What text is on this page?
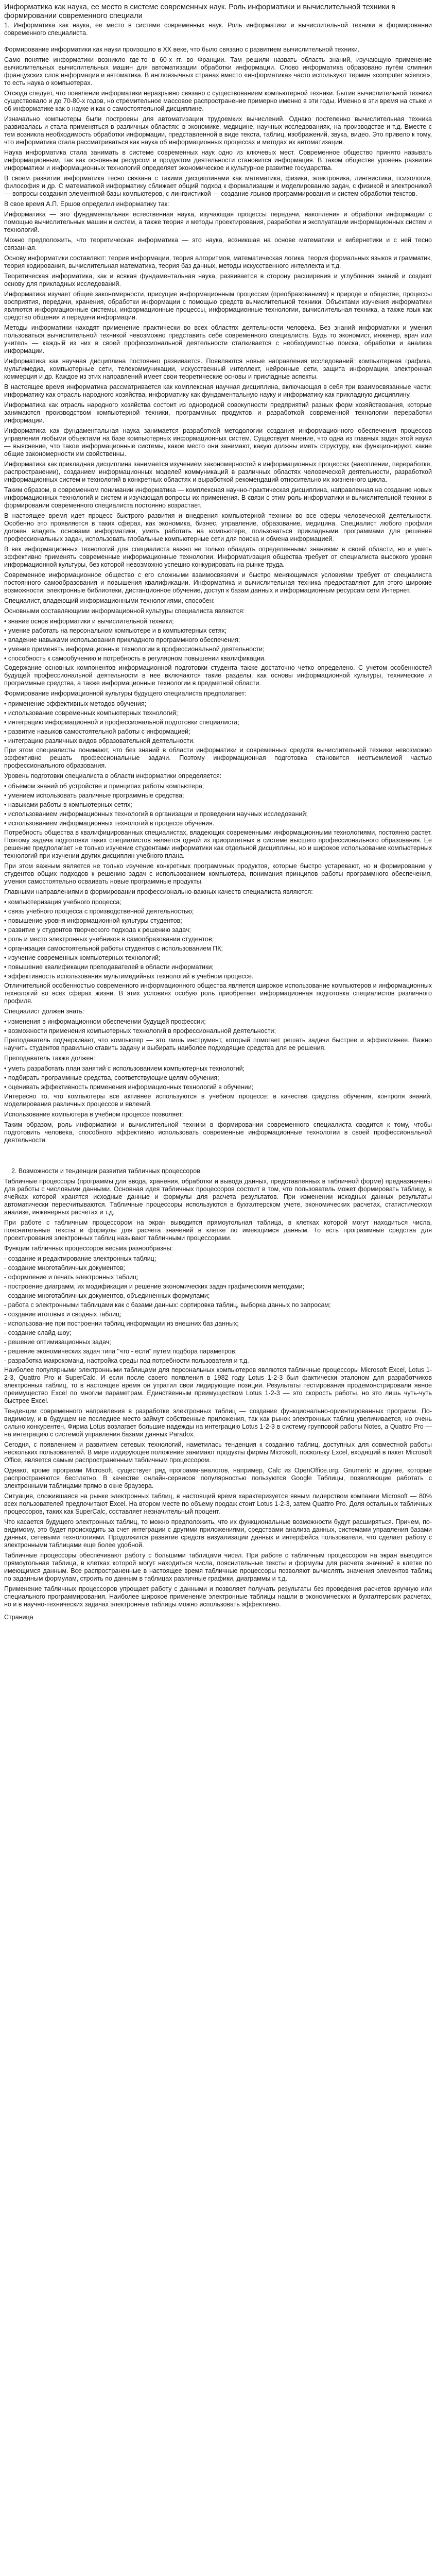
Информатика как наука, ее место в системе современных наук. Роль информатики и вычислительной техники в формировании современного специали
1. Информатика как наука, ее место в системе современных наук. Роль информатики и вычислительной техники в формировании современного специалиста.
Формирование информатики как науки произошло в XX веке, что было связано с развитием вычислительной техники.
Само понятие информатики возникло где-то в 60-х гг. во Франции. Там решили назвать область знаний, изучающую применение вычислительных вычислительных машин для автоматизации обработки информации. Слово информатика образовано путём слияния французских слов информация и автоматика. В англоязычных странах вместо «информатика» часто используют термин «computer science», то есть наука о компьютерах.
Отсюда следует, что появление информатики неразрывно связано с существованием компьютерной техники. Бытие вычислительной техники существовало и до 70-80-х годов, но стремительное массовое распространение примерно именно в эти годы. Именно в эти время на стыке и об информатике как о науке и как о самостоятельной дисциплине.
Изначально компьютеры были построены для автоматизации трудоемких вычислений. Однако постепенно вычислительная техника развивалась и стала применяться в различных областях: в экономике, медицине, научных исследованиях, на производстве и т.д. Вместе с тем возникла необходимость обработки информации, представленной в виде текста, таблиц, изображений, звука, видео. Это привело к тому, что информатика стала рассматриваться как наука об информационных процессах и методах их автоматизации.
Наука информатика стала занимать в системе современных наук одно из ключевых мест. Современное общество принято называть информационным, так как основным ресурсом и продуктом деятельности становится информация. В таком обществе уровень развития информатики и информационных технологий определяет экономическое и культурное развитие государства.
В своем развитии информатика тесно связана с такими дисциплинами как математика, физика, электроника, лингвистика, психология, философия и др. С математикой информатику сближает общий подход к формализации и моделированию задач, с физикой и электроникой — вопросы создания элементной базы компьютеров, с лингвистикой — создание языков программирования и систем обработки текстов.
В свое время А.П. Ершов определил информатику так:
Информатика — это фундаментальная естественная наука, изучающая процессы передачи, накопления и обработки информации с помощью вычислительных машин и систем, а также теория и методы проектирования, разработки и эксплуатации информационных систем и технологий.
Можно предположить, что теоретическая информатика — это наука, возникшая на основе математики и кибернетики и с ней тесно связанная.
Основу информатики составляют: теория информации, теория алгоритмов, математическая логика, теория формальных языков и грамматик, теория кодирования, вычислительная математика, теория баз данных, методы искусственного интеллекта и т.д.
Теоретическая информатика, как и всякая фундаментальная наука, развивается в сторону расширения и углубления знаний и создает основу для прикладных исследований.
Информатика изучает общие закономерности, присущие информационным процессам (преобразованиям) в природе и обществе, процессы восприятия, передачи, хранения, обработки информации с помощью средств вычислительной техники. Объектами изучения информатики являются информационные системы, информационные процессы, информационные технологии, вычислительная техника, а также язык как средство общения и передачи информации.
Методы информатики находят применение практически во всех областях деятельности человека. Без знаний информатики и умения пользоваться вычислительной техникой невозможно представить себе современного специалиста. Будь то экономист, инженер, врач или учитель — каждый из них в своей профессиональной деятельности сталкивается с необходимостью поиска, обработки и анализа информации.
Информатика как научная дисциплина постоянно развивается. Появляются новые направления исследований: компьютерная графика, мультимедиа, компьютерные сети, телекоммуникации, искусственный интеллект, нейронные сети, защита информации, электронная коммерция и др. Каждое из этих направлений имеет свои теоретические основы и прикладные аспекты.
В настоящее время информатика рассматривается как комплексная научная дисциплина, включающая в себя три взаимосвязанные части: информатику как отрасль народного хозяйства, информатику как фундаментальную науку и информатику как прикладную дисциплину.
Информатика как отрасль народного хозяйства состоит из однородной совокупности предприятий разных форм хозяйствования, которые занимаются производством компьютерной техники, программных продуктов и разработкой современной технологии переработки информации.
Информатика как фундаментальная наука занимается разработкой методологии создания информационного обеспечения процессов управления любыми объектами на базе компьютерных информационных систем. Существует мнение, что одна из главных задач этой науки — выяснение, что такое информационные системы, какое место они занимают, какую должны иметь структуру, как функционируют, какие общие закономерности им свойственны.
Информатика как прикладная дисциплина занимается изучением закономерностей в информационных процессах (накоплении, переработке, распространении), созданием информационных моделей коммуникаций в различных областях человеческой деятельности, разработкой информационных систем и технологий в конкретных областях и выработкой рекомендаций относительно их жизненного цикла.
Таким образом, в современном понимании информатика — комплексная научно-практическая дисциплина, направленная на создание новых информационных технологий и систем и изучающая вопросы их применения. В связи с этим роль информатики и вычислительной техники в формировании современного специалиста постоянно возрастает.
В настоящее время идет процесс быстрого развития и внедрения компьютерной техники во все сферы человеческой деятельности. Особенно это проявляется в таких сферах, как экономика, бизнес, управление, образование, медицина. Специалист любого профиля должен владеть основами информатики, уметь работать на компьютере, пользоваться прикладными программами для решения профессиональных задач, использовать глобальные компьютерные сети для поиска и обмена информацией.
В век информационных технологий для специалиста важно не только обладать определенными знаниями в своей области, но и уметь эффективно применять современные информационные технологии. Информатизация общества требует от специалиста высокого уровня информационной культуры, без которой невозможно успешно конкурировать на рынке труда.
Современное информационное общество с его сложными взаимосвязями и быстро меняющимися условиями требует от специалиста постоянного самообразования и повышения квалификации. Информатика и вычислительная техника предоставляют для этого широкие возможности: электронные библиотеки, дистанционное обучение, доступ к базам данных и информационным ресурсам сети Интернет.
Специалист, владеющий информационными технологиями, способен:
Основными составляющими информационной культуры специалиста являются:
• знание основ информатики и вычислительной техники;
• умение работать на персональном компьютере и в компьютерных сетях;
• владение навыками использования прикладного программного обеспечения;
• умение применять информационные технологии в профессиональной деятельности;
• способность к самообучению и потребность в регулярном повышении квалификации.
Содержание основных компонентов информационной подготовки студента также достаточно четко определено. С учетом особенностей будущей профессиональной деятельности в нее включаются такие разделы, как основы информационной культуры, технические и программные средства, а также информационные технологии в предметной области.
Формирование информационной культуры будущего специалиста предполагает:
• применение эффективных методов обучения;
• использование современных компьютерных технологий;
• интеграцию информационной и профессиональной подготовки специалиста;
• развитие навыков самостоятельной работы с информацией;
• интеграцию различных видов образовательной деятельности.
При этом специалисты понимают, что без знаний в области информатики и современных средств вычислительной техники невозможно эффективно решать профессиональные задачи. Поэтому информационная подготовка становится неотъемлемой частью профессионального образования.
Уровень подготовки специалиста в области информатики определяется:
• объемом знаний об устройстве и принципах работы компьютера;
• умением использовать различные программные средства;
• навыками работы в компьютерных сетях;
• использованием информационных технологий в организации и проведении научных исследований;
• использованием информационных технологий в процессе обучения.
Потребность общества в квалифицированных специалистах, владеющих современными информационными технологиями, постоянно растет. Поэтому задача подготовки таких специалистов является одной из приоритетных в системе высшего профессионального образования. Ее решение предполагает не только изучение студентами информатики как отдельной дисциплины, но и широкое использование компьютерных технологий при изучении других дисциплин учебного плана.
При этом важным является не только изучение конкретных программных продуктов, которые быстро устаревают, но и формирование у студентов общих подходов к решению задач с использованием компьютера, понимания принципов работы программного обеспечения, умения самостоятельно осваивать новые программные продукты.
Главными направлениями в формировании профессионально-важных качеств специалиста являются:
• компьютеризация учебного процесса;
• связь учебного процесса с производственной деятельностью;
• повышение уровня информационной культуры студентов;
• развитие у студентов творческого подхода к решению задач;
• роль и место электронных учебников в самообразовании студентов;
• организация самостоятельной работы студентов с использованием ПК;
• изучение современных компьютерных технологий;
• повышение квалификации преподавателей в области информатики;
• эффективность использования мультимедийных технологий в учебном процессе.
Отличительной особенностью современного информационного общества является широкое использование компьютеров и информационных технологий во всех сферах жизни. В этих условиях особую роль приобретает информационная подготовка специалистов различного профиля.
Специалист должен знать:
• изменения в информационном обеспечении будущей профессии;
• возможности применения компьютерных технологий в профессиональной деятельности;
Преподаватель подчеркивает, что компьютер — это лишь инструмент, который помогает решать задачи быстрее и эффективнее. Важно научить студентов правильно ставить задачу и выбирать наиболее подходящие средства для ее решения.
Преподаватель также должен:
• уметь разработать план занятий с использованием компьютерных технологий;
• подбирать программные средства, соответствующие целям обучения;
• оценивать эффективность применения информационных технологий в обучении;
Интересно то, что компьютеры все активнее используются в учебном процессе: в качестве средства обучения, контроля знаний, моделирования различных процессов и явлений.
Использование компьютера в учебном процессе позволяет:
Таким образом, роль информатики и вычислительной техники в формировании современного специалиста сводится к тому, чтобы подготовить человека, способного эффективно использовать современные информационные технологии в своей профессиональной деятельности.
2. Возможности и тенденции развития табличных процессоров.
Табличные процессоры (программы для ввода, хранения, обработки и вывода данных, представленных в табличной форме) предназначены для работы с числовыми данными. Основная идея табличных процессоров состоит в том, что пользователь может формировать таблицу, в ячейках которой хранятся исходные данные и формулы для расчета результатов. При изменении исходных данных результаты автоматически пересчитываются. Табличные процессоры используются в бухгалтерском учете, экономических расчетах, статистическом анализе, инженерных расчетах и т.д.
При работе с табличным процессором на экран выводится прямоугольная таблица, в клетках которой могут находиться числа, пояснительные тексты и формулы для расчета значений в клетке по имеющимся данным. То есть программные средства для проектирования электронных таблиц называют табличными процессорами.
Функции табличных процессоров весьма разнообразны:
- создание и редактирование электронных таблиц;
- создание многотабличных документов;
- оформление и печать электронных таблиц;
- построение диаграмм, их модификация и решение экономических задач графическими методами;
- создание многотабличных документов, объединенных формулами;
- работа с электронными таблицами как с базами данных: сортировка таблиц, выборка данных по запросам;
- создание итоговых и сводных таблиц;
- использование при построении таблиц информации из внешних баз данных;
- создание слайд-шоу;
- решение оптимизационных задач;
- решение экономических задач типа "что - если" путем подбора параметров;
- разработка макрокоманд, настройка среды под потребности пользователя и т.д.
Наиболее популярными электронными таблицами для персональных компьютеров являются табличные процессоры Microsoft Excel, Lotus 1-2-3, Quattro Pro и SuperCalc. И если после своего появления в 1982 году Lotus 1-2-3 был фактически эталоном для разработчиков электронных таблиц, то в настоящее время он утратил свои лидирующие позиции. Результаты тестирования продемонстрировали явное преимущество Excel по многим параметрам. Единственным преимуществом Lotus 1-2-3 — это скорость работы, но это лишь чуть-чуть быстрее Excel.
Тенденции современного направления в разработке электронных таблиц — создание функционально-ориентированных программ. По-видимому, и в будущем не последнее место займут собственные приложения, так как рынок электронных таблиц увеличивается, но очень сильно конкурентен. Фирма Lotus возлагает большие надежды на интеграцию Lotus 1-2-3 в систему групповой работы Notes, а Quattro Pro — на интеграцию с системой управления базами данных Paradox.
Сегодня, с появлением и развитием сетевых технологий, наметилась тенденция к созданию таблиц, доступных для совместной работы нескольких пользователей. В мире лидирующее положение занимают продукты фирмы Microsoft, поскольку Excel, входящий в пакет Microsoft Office, является самым распространенным табличным процессором.
Однако, кроме программ Microsoft, существует ряд программ-аналогов, например, Calc из OpenOffice.org, Gnumeric и другие, которые распространяются бесплатно. В качестве онлайн-сервисов популярностью пользуются Google Таблицы, позволяющие работать с электронными таблицами прямо в окне браузера.
Ситуация, сложившаяся на рынке электронных таблиц, в настоящий время характеризуется явным лидерством компании Microsoft — 80% всех пользователей предпочитают Excel. На втором месте по объему продаж стоит Lotus 1-2-3, затем Quattro Pro. Доля остальных табличных процессоров, таких как SuperCalc, составляет незначительный процент.
Что касается будущего электронных таблиц, то можно предположить, что их функциональные возможности будут расширяться. Причем, по-видимому, это будет происходить за счет интеграции с другими приложениями, средствами анализа данных, системами управления базами данных, сетевыми технологиями. Продолжится развитие средств визуализации данных и интерфейса пользователя, что сделает работу с электронными таблицами еще более удобной.
Табличные процессоры обеспечивают работу с большими таблицами чисел. При работе с табличным процессором на экран выводится прямоугольная таблица, в клетках которой могут находиться числа, пояснительные тексты и формулы для расчета значений в клетке по имеющимся данным. Все распространенные в настоящее время табличные процессоры позволяют вычислять значения элементов таблиц по заданным формулам, строить по данным в таблицах различные графики, диаграммы и т.д.
Применение табличных процессоров упрощает работу с данными и позволяет получать результаты без проведения расчетов вручную или специального программирования. Наиболее широкое применение электронные таблицы нашли в экономических и бухгалтерских расчетах, но и в научно-технических задачах электронные таблицы можно использовать эффективно.
Страница
